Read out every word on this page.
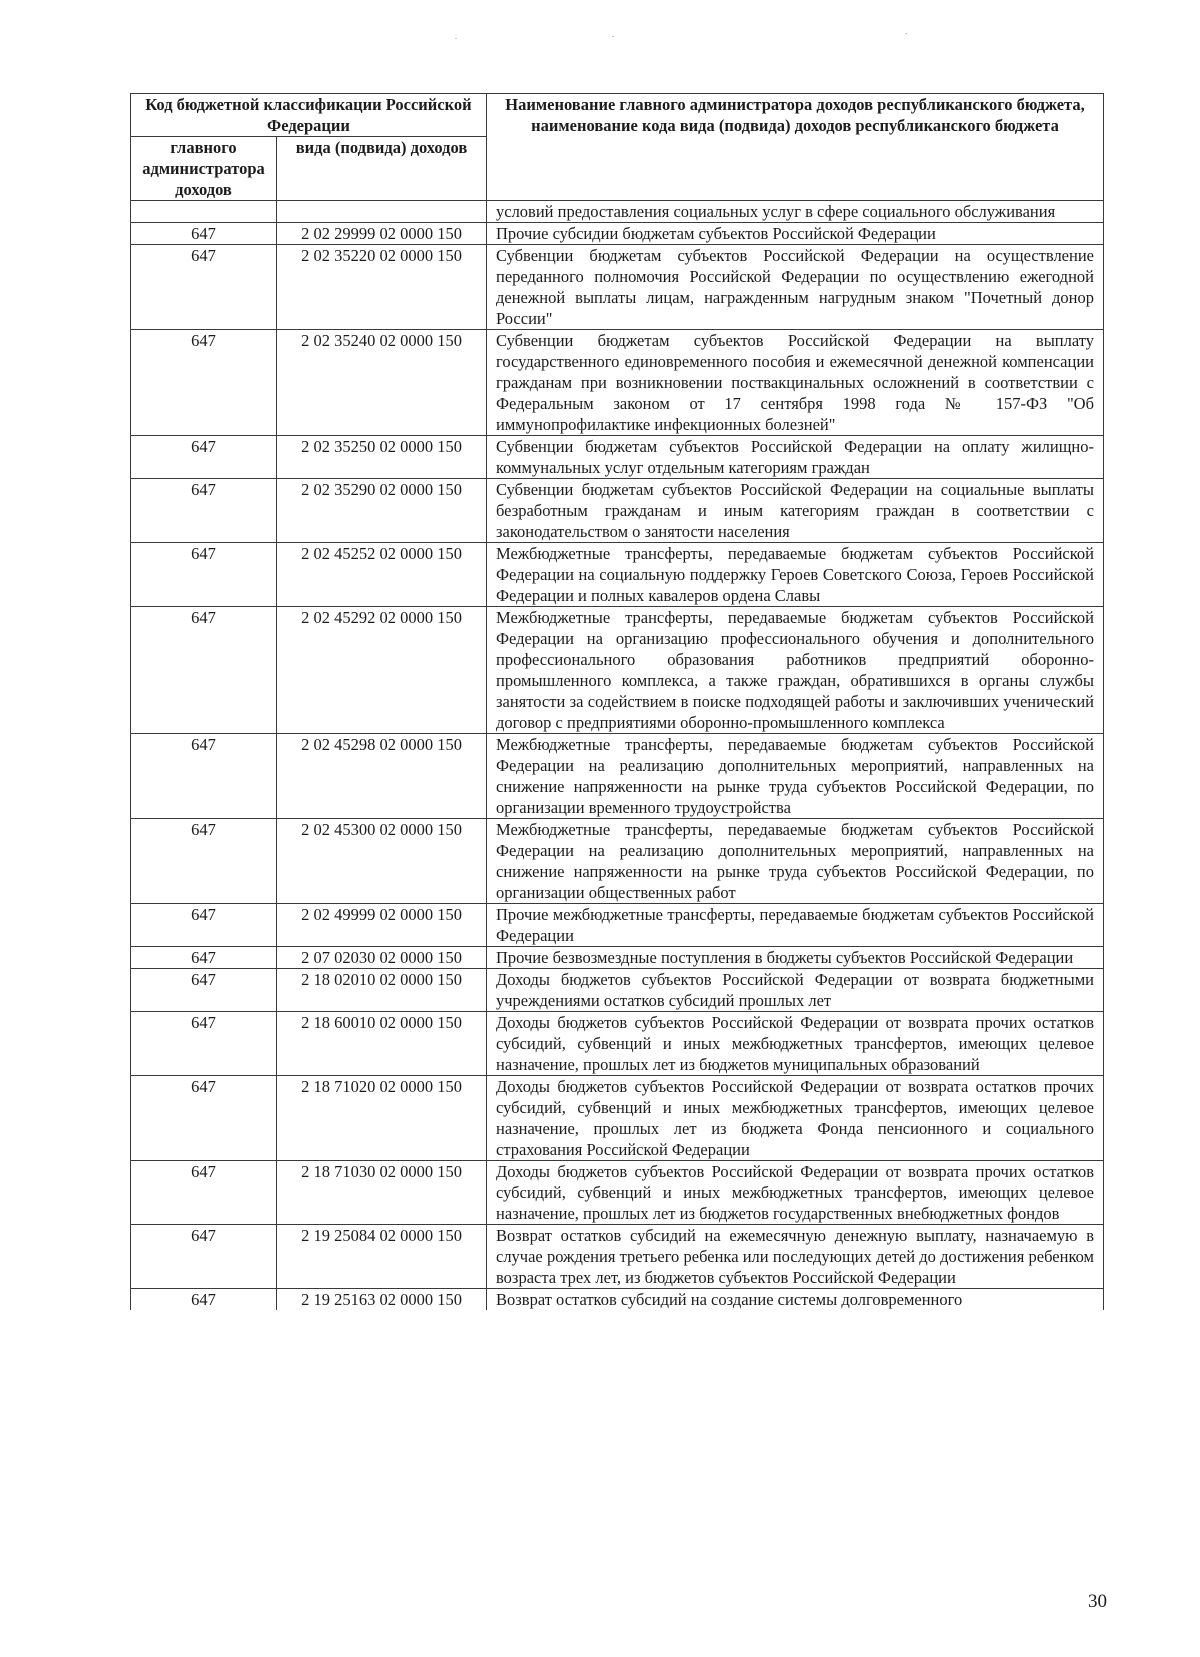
Код бюджетной классификации Российской Федерации		Наименование главного администратора доходов республиканского бюджета, наименование кода вида (подвида) доходов республиканского бюджета
главного администратора доходов	вида (подвида) доходов	
		условий предоставления социальных услуг в сфере социального обслуживания
647	2 02 29999 02 0000 150	Прочие субсидии бюджетам субъектов Российской Федерации
647	2 02 35220 02 0000 150	Субвенции бюджетам субъектов Российской Федерации на осуществление переданного полномочия Российской Федерации по осуществлению ежегодной денежной выплаты лицам, награжденным нагрудным знаком "Почетный донор России"
647	2 02 35240 02 0000 150	Субвенции бюджетам субъектов Российской Федерации на выплату государственного единовременного пособия и ежемесячной денежной компенсации гражданам при возникновении поствакцинальных осложнений в соответствии с Федеральным законом от 17 сентября 1998 года № 157-ФЗ "Об иммунопрофилактике инфекционных болезней"
647	2 02 35250 02 0000 150	Субвенции бюджетам субъектов Российской Федерации на оплату жилищно-коммунальных услуг отдельным категориям граждан
647	2 02 35290 02 0000 150	Субвенции бюджетам субъектов Российской Федерации на социальные выплаты безработным гражданам и иным категориям граждан в соответствии с законодательством о занятости населения
647	2 02 45252 02 0000 150	Межбюджетные трансферты, передаваемые бюджетам субъектов Российской Федерации на социальную поддержку Героев Советского Союза, Героев Российской Федерации и полных кавалеров ордена Славы
647	2 02 45292 02 0000 150	Межбюджетные трансферты, передаваемые бюджетам субъектов Российской Федерации на организацию профессионального обучения и дополнительного профессионального образования работников предприятий оборонно-промышленного комплекса, а также граждан, обратившихся в органы службы занятости за содействием в поиске подходящей работы и заключивших ученический договор с предприятиями оборонно-промышленного комплекса
647	2 02 45298 02 0000 150	Межбюджетные трансферты, передаваемые бюджетам субъектов Российской Федерации на реализацию дополнительных мероприятий, направленных на снижение напряженности на рынке труда субъектов Российской Федерации, по организации временного трудоустройства
647	2 02 45300 02 0000 150	Межбюджетные трансферты, передаваемые бюджетам субъектов Российской Федерации на реализацию дополнительных мероприятий, направленных на снижение напряженности на рынке труда субъектов Российской Федерации, по организации общественных работ
647	2 02 49999 02 0000 150	Прочие межбюджетные трансферты, передаваемые бюджетам субъектов Российской Федерации
647	2 07 02030 02 0000 150	Прочие безвозмездные поступления в бюджеты субъектов Российской Федерации
647	2 18 02010 02 0000 150	Доходы бюджетов субъектов Российской Федерации от возврата бюджетными учреждениями остатков субсидий прошлых лет
647	2 18 60010 02 0000 150	Доходы бюджетов субъектов Российской Федерации от возврата прочих остатков субсидий, субвенций и иных межбюджетных трансфертов, имеющих целевое назначение, прошлых лет из бюджетов муниципальных образований
647	2 18 71020 02 0000 150	Доходы бюджетов субъектов Российской Федерации от возврата остатков прочих субсидий, субвенций и иных межбюджетных трансфертов, имеющих целевое назначение, прошлых лет из бюджета Фонда пенсионного и социального страхования Российской Федерации
647	2 18 71030 02 0000 150	Доходы бюджетов субъектов Российской Федерации от возврата прочих остатков субсидий, субвенций и иных межбюджетных трансфертов, имеющих целевое назначение, прошлых лет из бюджетов государственных внебюджетных фондов
647	2 19 25084 02 0000 150	Возврат остатков субсидий на ежемесячную денежную выплату, назначаемую в случае рождения третьего ребенка или последующих детей до достижения ребенком возраста трех лет, из бюджетов субъектов Российской Федерации
647	2 19 25163 02 0000 150	Возврат остатков субсидий на создание системы долговременного
30
